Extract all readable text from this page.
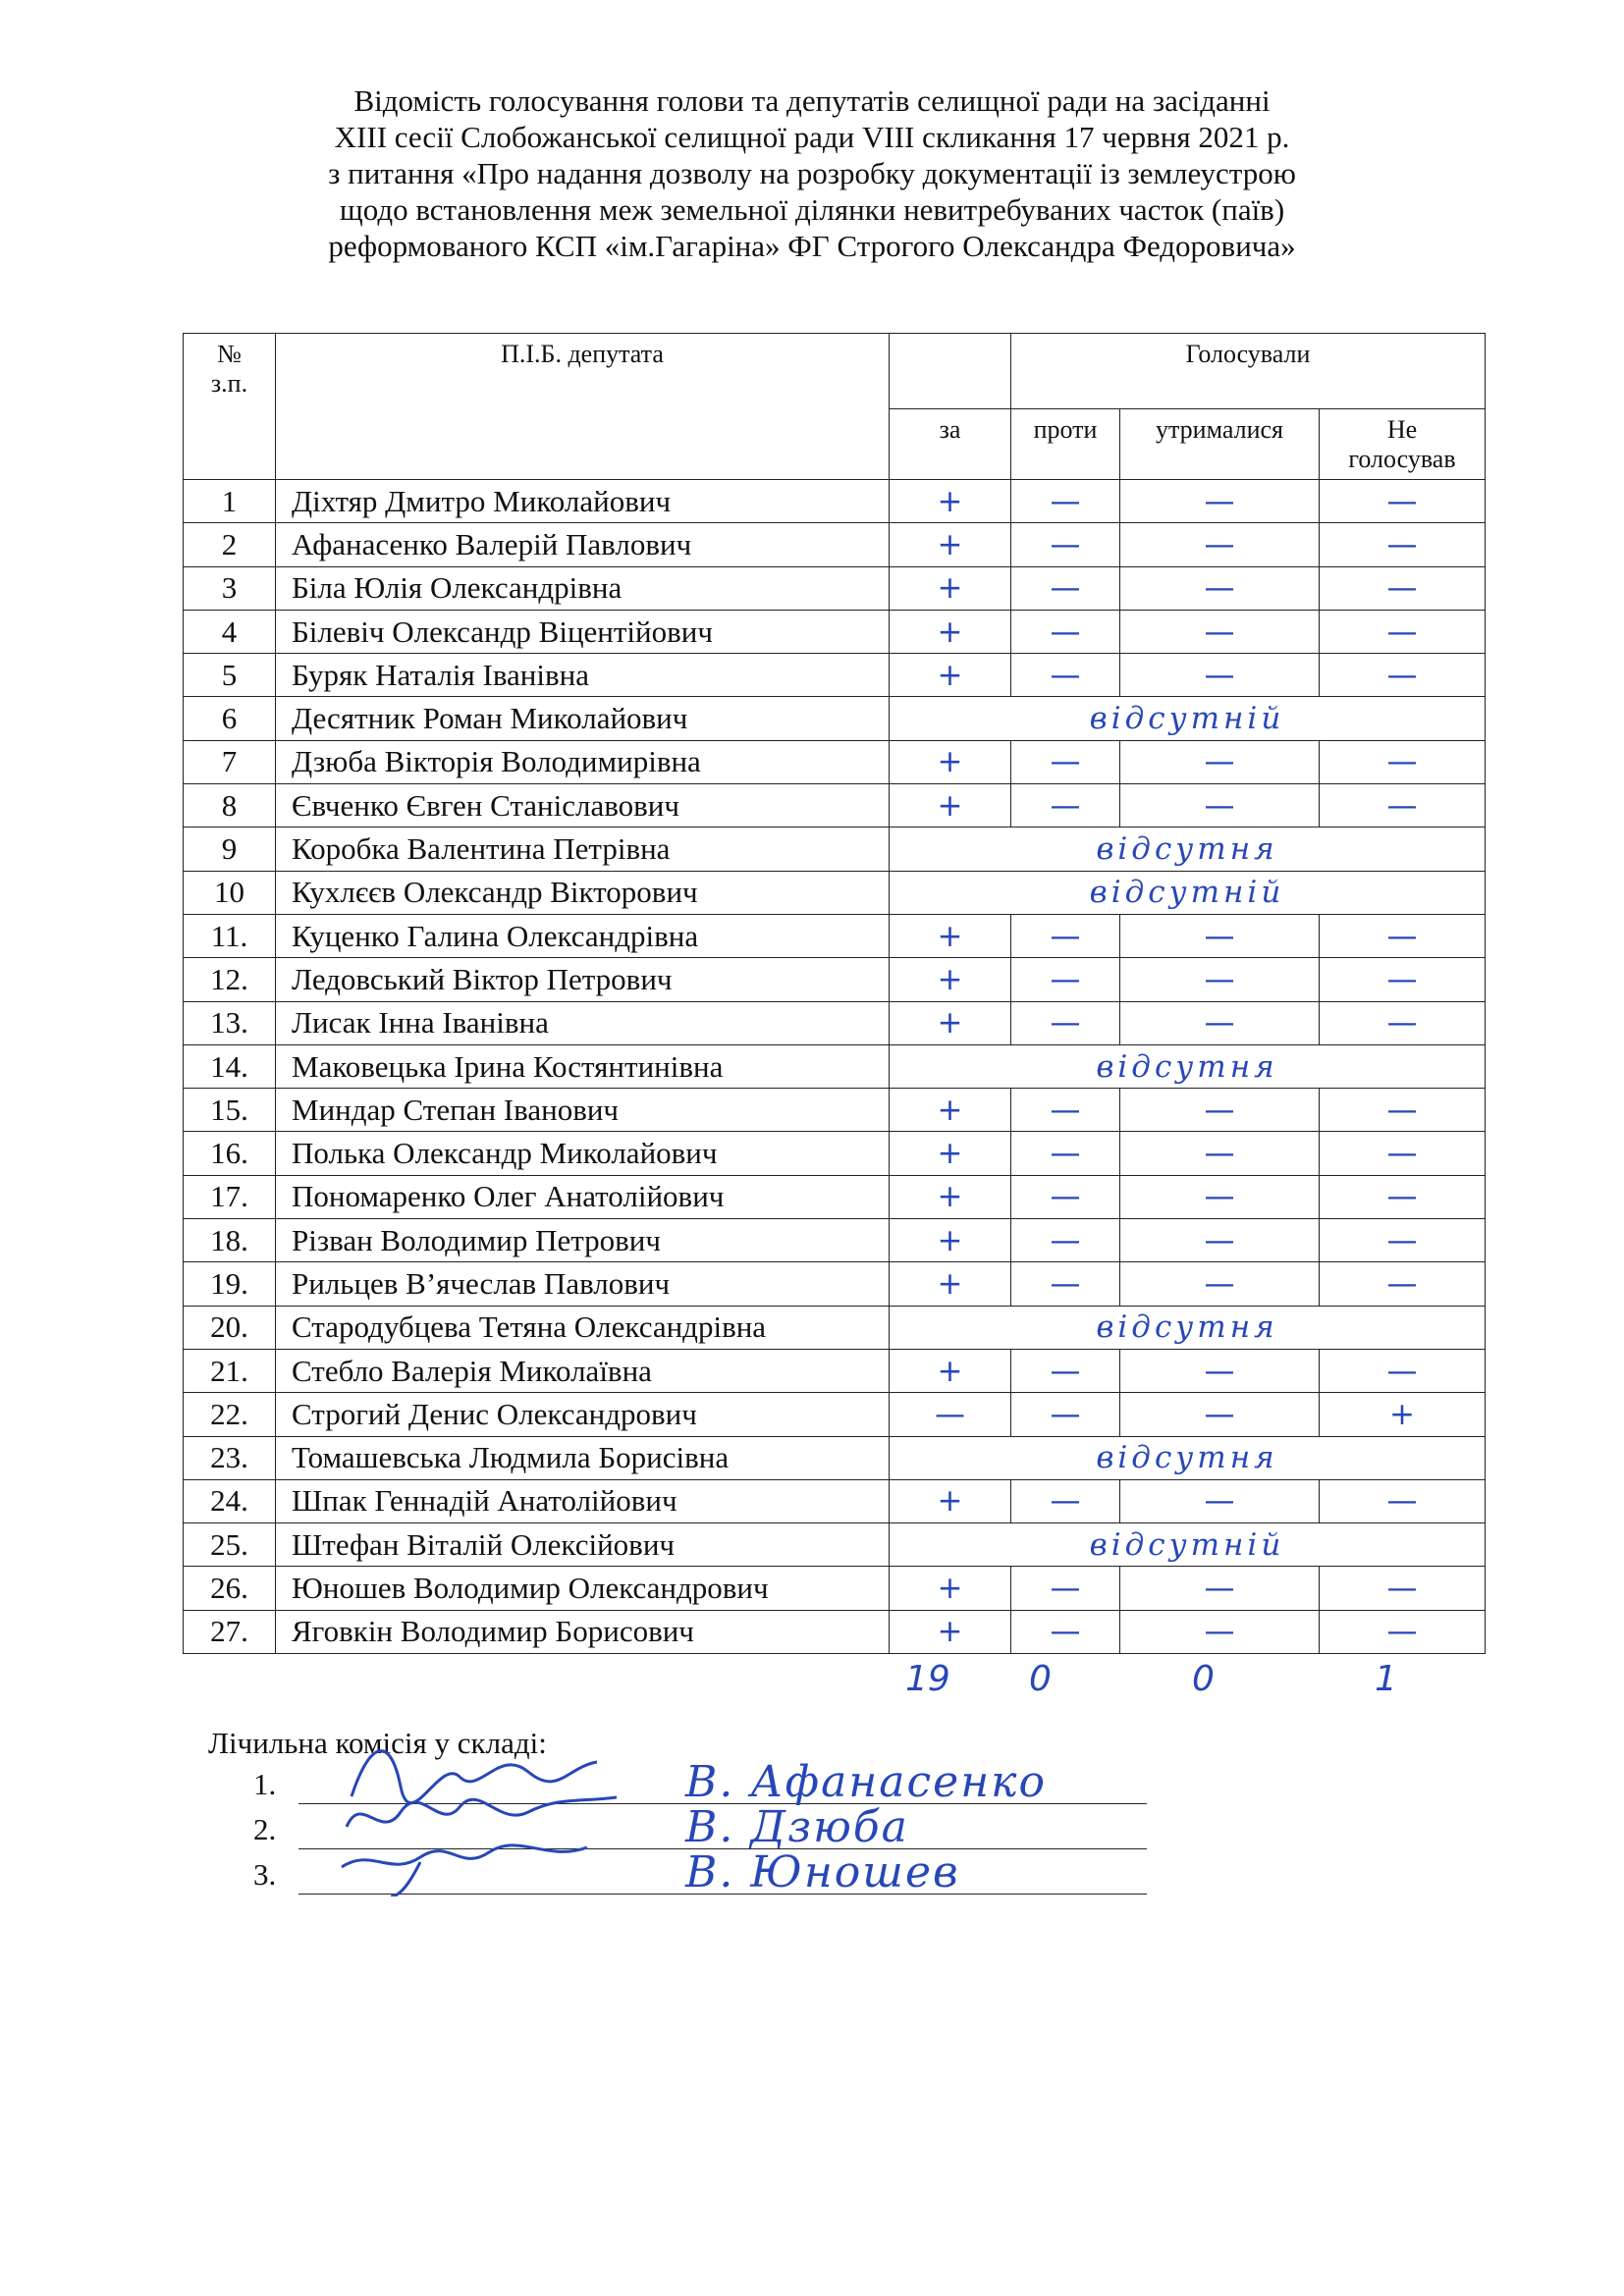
Відомість голосування голови та депутатів селищної ради на засіданні
XIII сесії Слобожанської селищної ради VIII скликання 17 червня 2021 р.
з питання «Про надання дозволу на розробку документації із землеустрою
щодо встановлення меж земельної ділянки невитребуваних часток (паїв)
реформованого КСП «ім.Гагаріна» ФГ Строгого Олександра Федоровича»
№
з.п.	П.І.Б. депутата		Голосували		
		за	проти	утрималися	Не
голосував

1	Діхтяр Дмитро Миколайович	+	—	—	—
2	Афанасенко Валерій Павлович	+	—	—	—
3	Біла Юлія Олександрівна	+	—	—	—
4	Білевіч Олександр Віцентійович	+	—	—	—
5	Буряк Наталія Іванівна	+	—	—	—
6	Десятник Роман Миколайович	відсутній			
7	Дзюба Вікторія Володимирівна	+	—	—	—
8	Євченко Євген Станіславович	+	—	—	—
9	Коробка Валентина Петрівна	відсутня			
10	Кухлєєв Олександр Вікторович	відсутній			
11.	Куценко Галина Олександрівна	+	—	—	—
12.	Ледовський Віктор Петрович	+	—	—	—
13.	Лисак Інна Іванівна	+	—	—	—
14.	Маковецька Ірина Костянтинівна	відсутня			
15.	Миндар Степан Іванович	+	—	—	—
16.	Полька Олександр Миколайович	+	—	—	—
17.	Пономаренко Олег Анатолійович	+	—	—	—
18.	Різван Володимир Петрович	+	—	—	—
19.	Рильцев В’ячеслав Павлович	+	—	—	—
20.	Стародубцева Тетяна Олександрівна	відсутня			
21.	Стебло Валерія Миколаївна	+	—	—	—
22.	Строгий Денис Олександрович	—	—	—	+
23.	Томашевська Людмила Борисівна	відсутня			
24.	Шпак Геннадій Анатолійович	+	—	—	—
25.	Штефан Віталій Олексійович	відсутній			
26.	Юношев Володимир Олександрович	+	—	—	—
27.	Яговкін Володимир Борисович	+	—	—	—
19 0	0	1
Лічильна комісія у складі:
1.	В. Афанасенко
2.	В. Дзюба
3.	В. Юношев
